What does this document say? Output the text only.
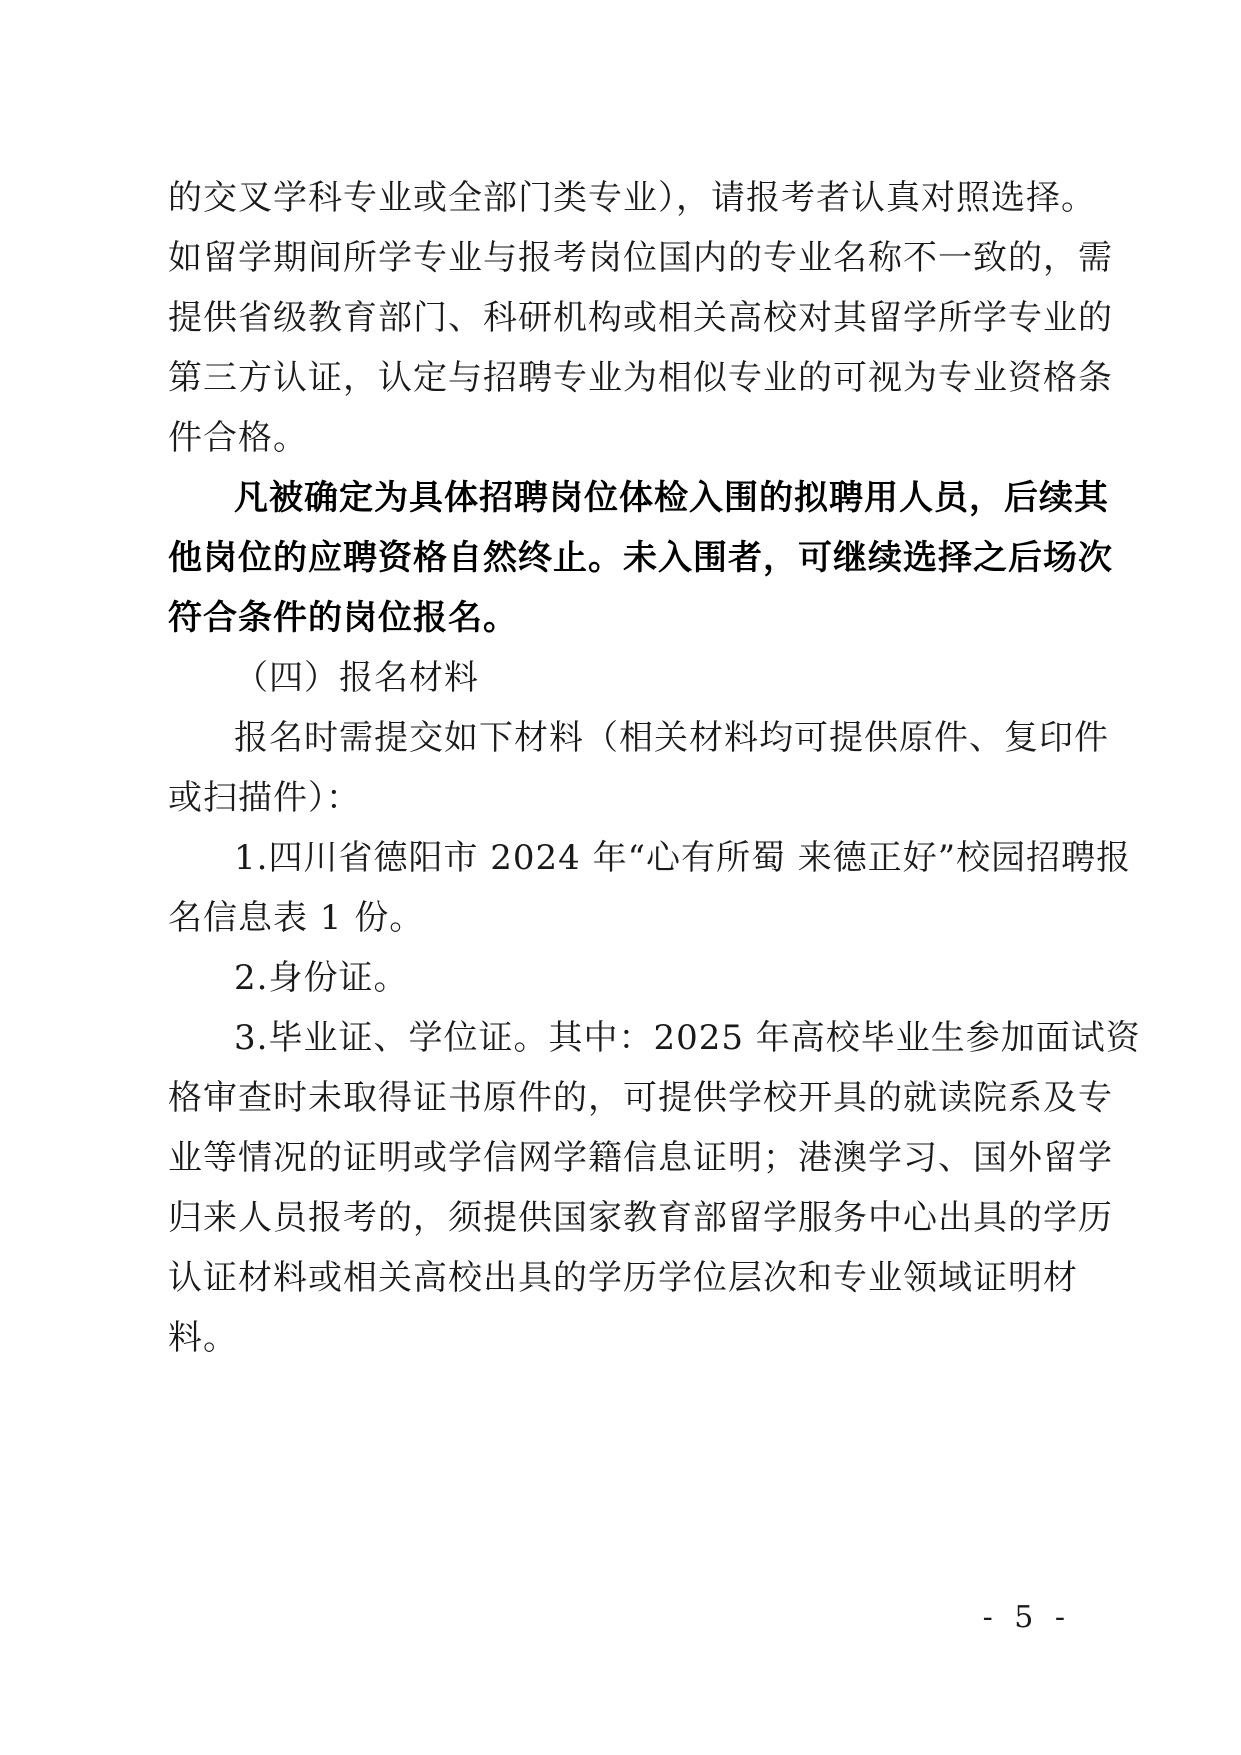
的交叉学科专业或全部门类专业），请报考者认真对照选择。
如留学期间所学专业与报考岗位国内的专业名称不一致的，需
提供省级教育部门、科研机构或相关高校对其留学所学专业的
第三方认证，认定与招聘专业为相似专业的可视为专业资格条
件合格。
凡被确定为具体招聘岗位体检入围的拟聘用人员，后续其
他岗位的应聘资格自然终止。未入围者，可继续选择之后场次
符合条件的岗位报名。
（四）报名材料
报名时需提交如下材料（相关材料均可提供原件、复印件
或扫描件）：
1.四川省德阳市 2024 年“心有所蜀 来德正好”校园招聘报
名信息表 1 份。
2.身份证。
3.毕业证、学位证。其中：2025 年高校毕业生参加面试资
格审查时未取得证书原件的，可提供学校开具的就读院系及专
业等情况的证明或学信网学籍信息证明；港澳学习、国外留学
归来人员报考的，须提供国家教育部留学服务中心出具的学历
认证材料或相关高校出具的学历学位层次和专业领域证明材
料。
- 5 -
